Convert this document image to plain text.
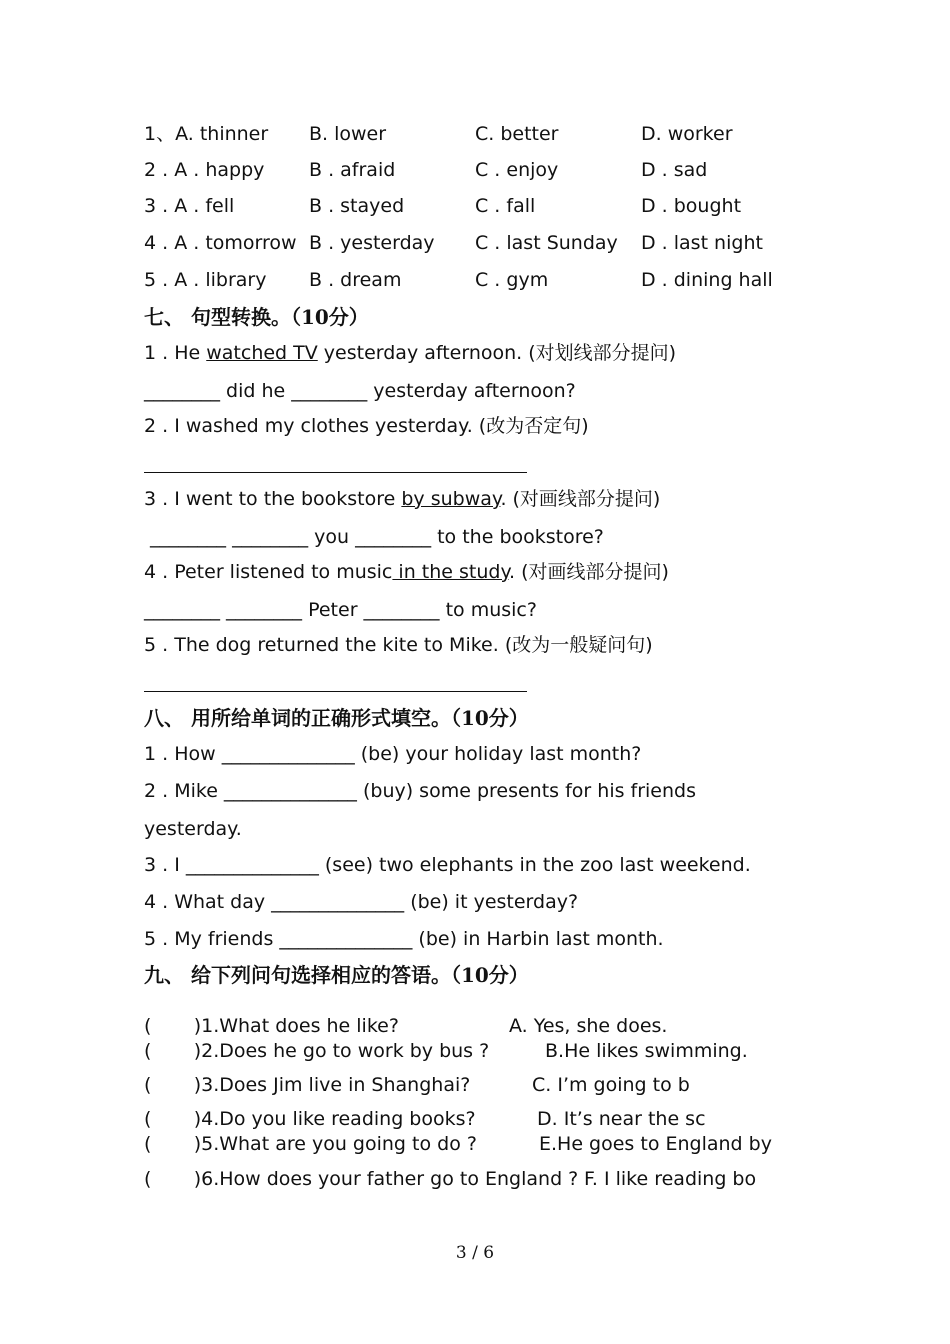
1、A. thinner B. lower	C. better	D. worker
2 . A . happy B . afraid	C . enjoy	D . sad
3 . A . fell	B . stayed	C . fall	D . bought
4 . A . tomorrow B . yesterday C . last Sunday D . last night
5 . A . library B . dream	C . gym	D . dining hall
七、 句型转换。（10分）
1 . He watched TV yesterday afternoon. (对划线部分提问)
________ did he ________ yesterday afternoon?
2 . I washed my clothes yesterday. (改为否定句)
3 . I went to the bookstore by subway. (对画线部分提问)
________ ________ you ________ to the bookstore?
4 . Peter listened to music in the study. (对画线部分提问)
________ ________ Peter ________ to music?
5 . The dog returned the kite to Mike. (改为一般疑问句)
八、 用所给单词的正确形式填空。（10分）
1 . How ______________ (be) your holiday last month?
2 . Mike ______________ (buy) some presents for his friends
yesterday.
3 . I ______________ (see) two elephants in the zoo last weekend.
4 . What day ______________ (be) it yesterday?
5 . My friends ______________ (be) in Harbin last month.
九、 给下列问句选择相应的答语。（10分）
(       )1.What does he like?	A. Yes, she does.
(       )2.Does he go to work by bus ?	B.He likes swimming.
(       )3.Does Jim live in Shanghai?	C. I’m going to b
(       )4.Do you like reading books?	D. It’s near the sc
(       )5.What are you going to do ?	E.He goes to England by
(       )6.How does your father go to England ? F. I like reading bo
3 / 6
